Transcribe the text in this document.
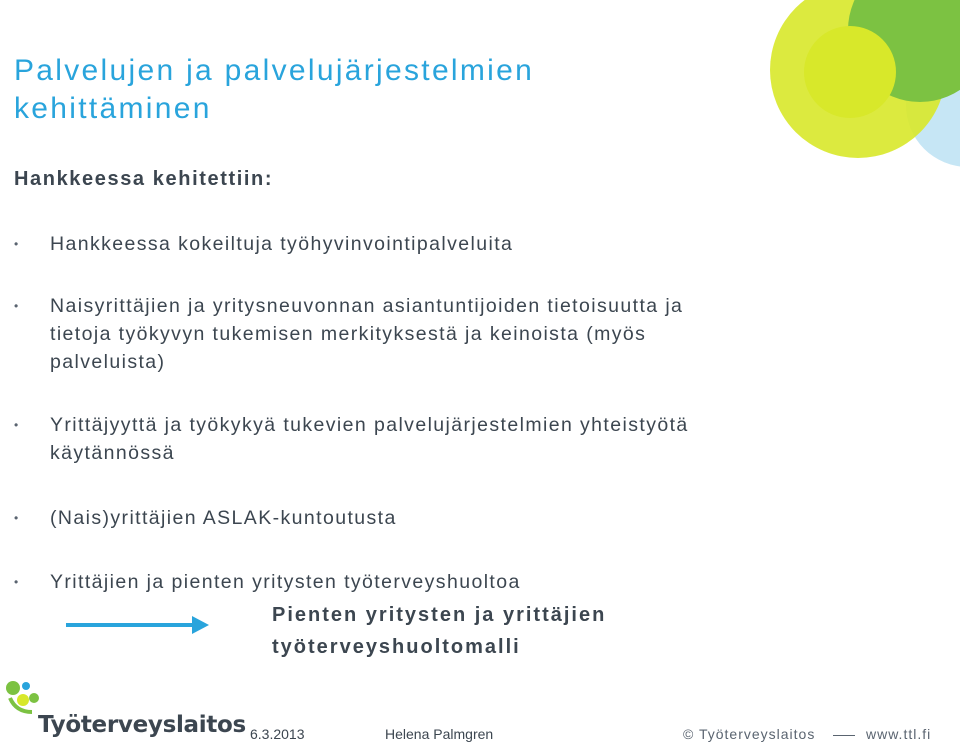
Palvelujen ja palvelujärjestelmien
kehittäminen
Hankkeessa kehitettiin:
•	Hankkeessa kokeiltuja työhyvinvointipalveluita
•	Naisyrittäjien ja yritysneuvonnan asiantuntijoiden tietoisuutta ja
tietoja työkyvyn tukemisen merkityksestä ja keinoista (myös
palveluista)
•	Yrittäjyyttä ja työkykyä tukevien palvelujärjestelmien yhteistyötä
käytännössä
•	(Nais)yrittäjien ASLAK-kuntoutusta
•	Yrittäjien ja pienten yritysten työterveyshuoltoa
Pienten yritysten ja yrittäjien
työterveyshuoltomalli
Työterveyslaitos 6.3.2013	Helena Palmgren	© Työterveyslaitos	www.ttl.fi
